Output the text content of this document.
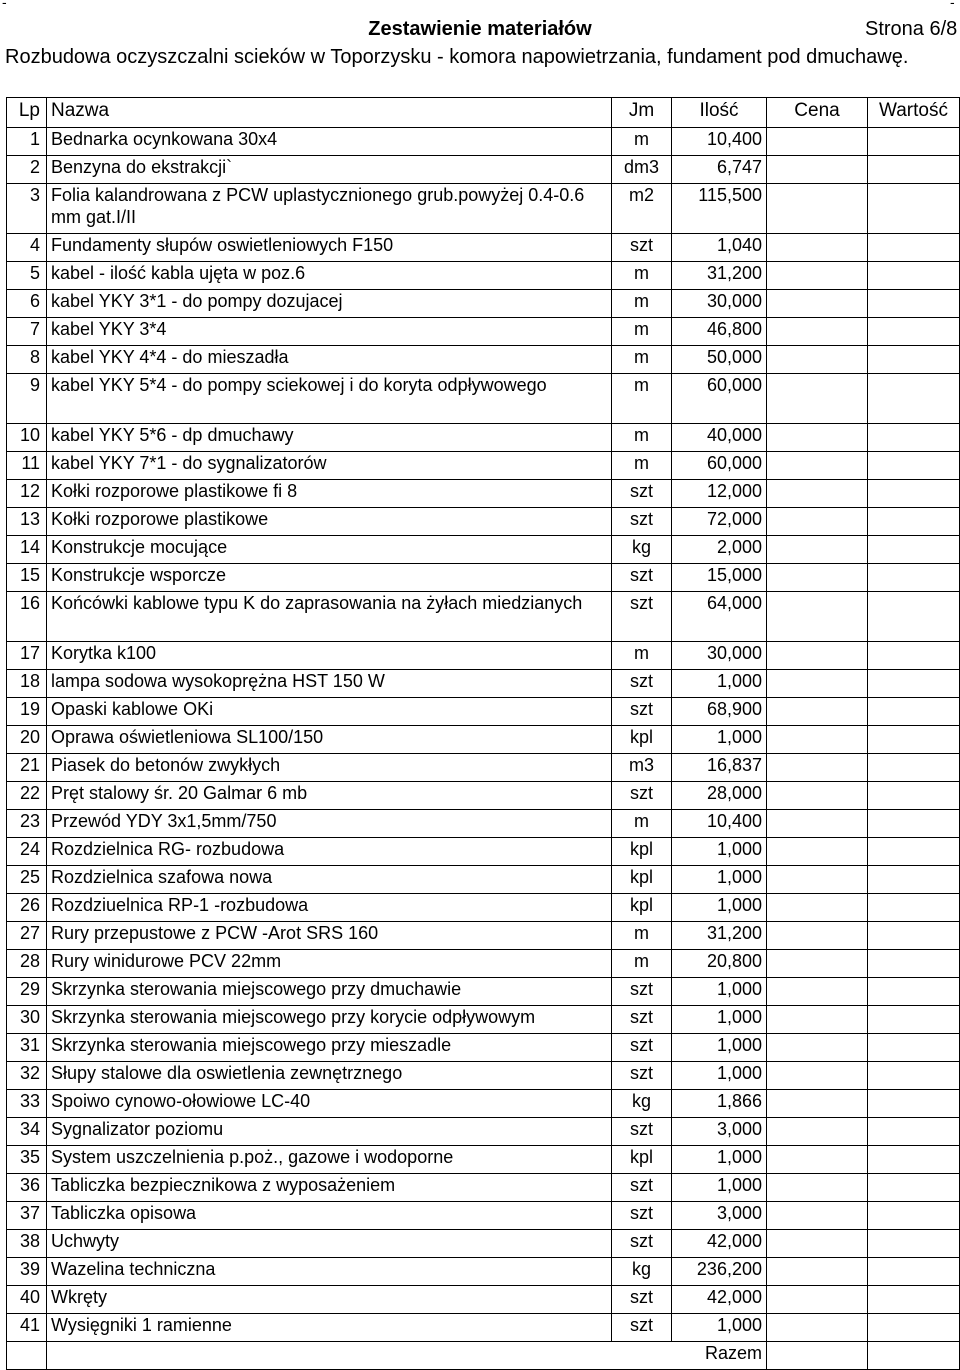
-	-
Zestawienie materiałów	Strona 6/8
Rozbudowa oczyszczalni scieków w Toporzysku - komora napowietrzania, fundament pod dmuchawę.
Lp	Nazwa	Jm	Ilość	Cena	Wartość
1	Bednarka ocynkowana 30x4	m	10,400		
2	Benzyna do ekstrakcji`	dm3	6,747		
3	Folia kalandrowana z PCW uplastycznionego grub.powyżej 0.4-0.6 mm gat.I/II	m2	115,500		
4	Fundamenty słupów oswietleniowych F150	szt	1,040		
5	kabel - ilość kabla ujęta w poz.6	m	31,200		
6	kabel YKY 3*1 - do pompy dozujacej	m	30,000		
7	kabel YKY 3*4	m	46,800		
8	kabel YKY 4*4 - do mieszadła	m	50,000		
9	kabel YKY 5*4 - do pompy sciekowej i do koryta odpływowego	m	60,000		
10	kabel YKY 5*6 - dp dmuchawy	m	40,000		
11	kabel YKY 7*1 - do sygnalizatorów	m	60,000		
12	Kołki rozporowe plastikowe fi 8	szt	12,000		
13	Kołki rozporowe plastikowe	szt	72,000		
14	Konstrukcje mocujące	kg	2,000		
15	Konstrukcje wsporcze	szt	15,000		
16	Końcówki kablowe typu K do zaprasowania na żyłach miedzianych	szt	64,000		
17	Korytka k100	m	30,000		
18	lampa sodowa wysokoprężna HST 150 W	szt	1,000		
19	Opaski kablowe OKi	szt	68,900		
20	Oprawa oświetleniowa SL100/150	kpl	1,000		
21	Piasek do betonów zwykłych	m3	16,837		
22	Pręt stalowy śr. 20 Galmar 6 mb	szt	28,000		
23	Przewód YDY 3x1,5mm/750	m	10,400		
24	Rozdzielnica RG- rozbudowa	kpl	1,000		
25	Rozdzielnica szafowa nowa	kpl	1,000		
26	Rozdziuelnica RP-1 -rozbudowa	kpl	1,000		
27	Rury przepustowe z PCW -Arot SRS 160	m	31,200		
28	Rury winidurowe PCV 22mm	m	20,800		
29	Skrzynka sterowania miejscowego przy dmuchawie	szt	1,000		
30	Skrzynka sterowania miejscowego przy korycie odpływowym	szt	1,000		
31	Skrzynka sterowania miejscowego przy mieszadle	szt	1,000		
32	Słupy stalowe dla oswietlenia zewnętrznego	szt	1,000		
33	Spoiwo cynowo-ołowiowe LC-40	kg	1,866		
34	Sygnalizator poziomu	szt	3,000		
35	System uszczelnienia p.poż., gazowe i wodoporne	kpl	1,000		
36	Tabliczka bezpiecznikowa z wyposażeniem	szt	1,000		
37	Tabliczka opisowa	szt	3,000		
38	Uchwyty	szt	42,000		
39	Wazelina techniczna	kg	236,200		
40	Wkręty	szt	42,000		
41	Wysięgniki 1 ramienne	szt	1,000		
	Razem				
